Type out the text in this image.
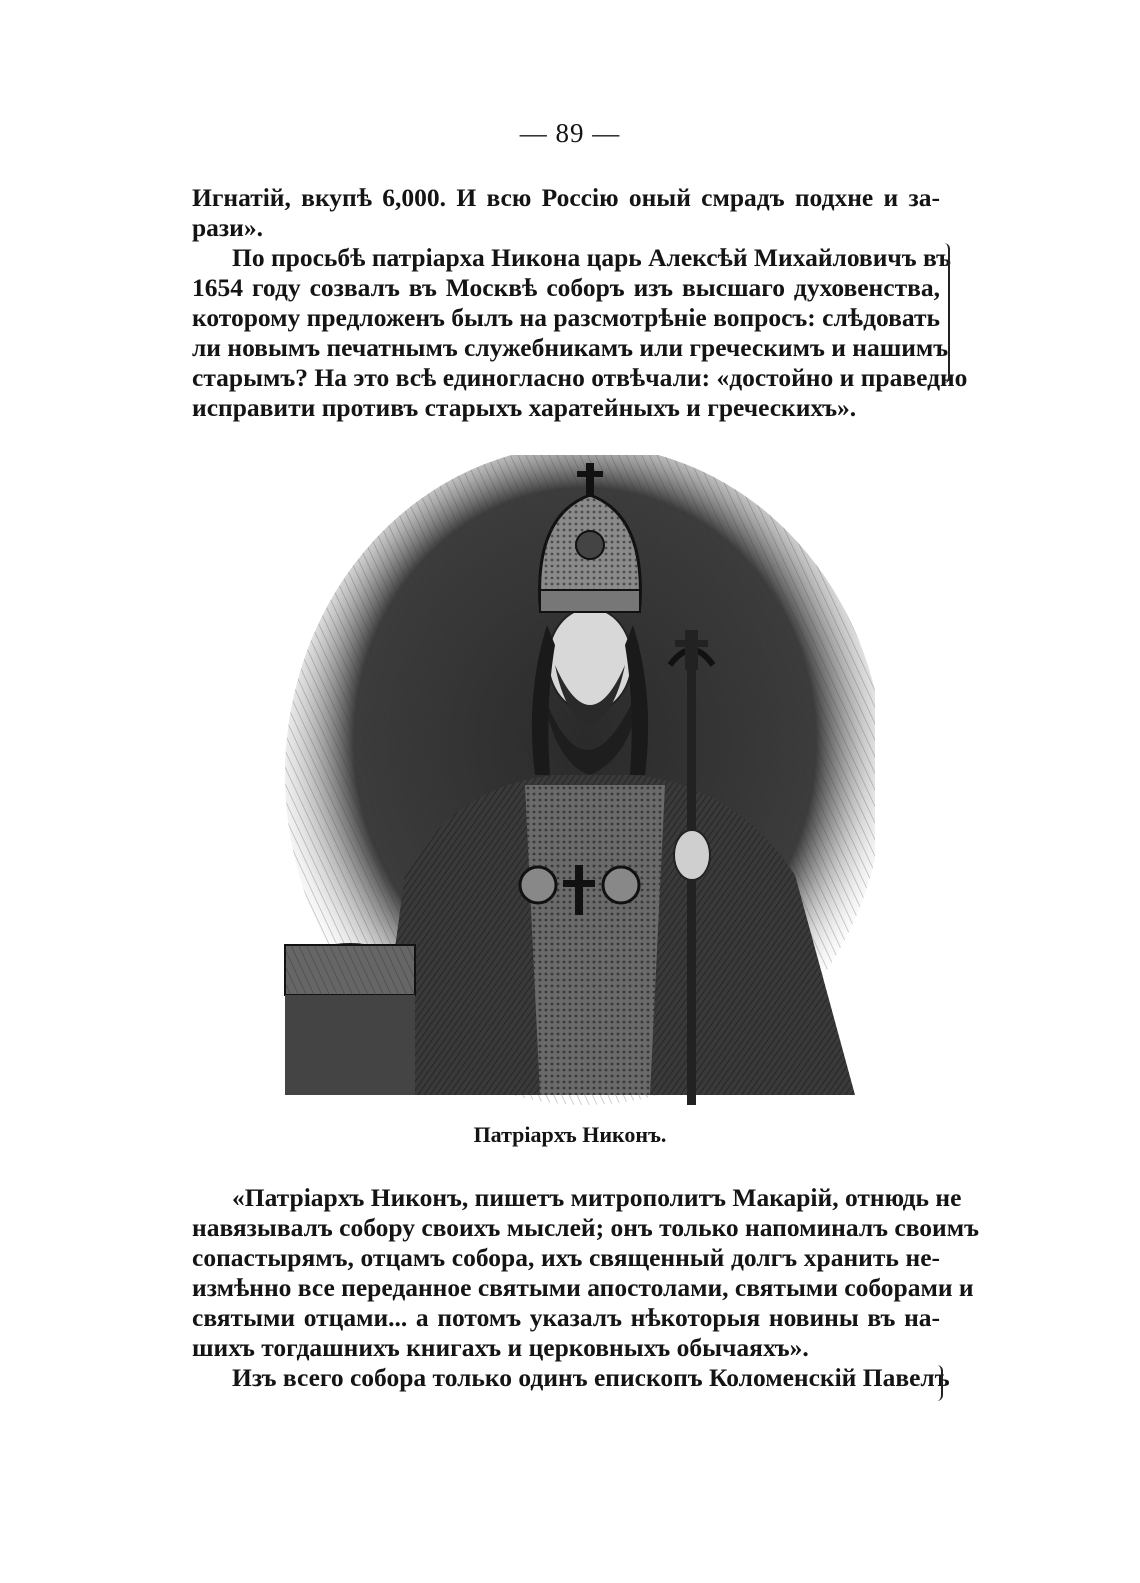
— 89 —
Игнатій, вкупѣ 6,000. И всю Россію оный смрадъ подхне и за-
рази».
По просьбѣ патріарха Никона царь Алексѣй Михайловичъ въ
1654 году созвалъ въ Москвѣ соборъ изъ высшаго духовенства,
которому предложенъ былъ на разсмотрѣніе вопросъ: слѣдовать
ли новымъ печатнымъ служебникамъ или греческимъ и нашимъ
старымъ? На это всѣ единогласно отвѣчали: «достойно и праведно
исправити противъ старыхъ харатейныхъ и греческихъ».
Патріархъ Никонъ.
«Патріархъ Никонъ, пишетъ митрополитъ Макарій, отнюдь не
навязывалъ собору своихъ мыслей; онъ только напоминалъ своимъ
сопастырямъ, отцамъ собора, ихъ священный долгъ хранить не-
измѣнно все переданное святыми апостолами, святыми соборами и
святыми отцами... а потомъ указалъ нѣкоторыя новины въ на-
шихъ тогдашнихъ книгахъ и церковныхъ обычаяхъ».
Изъ всего собора только одинъ епископъ Коломенскій Павелъ
